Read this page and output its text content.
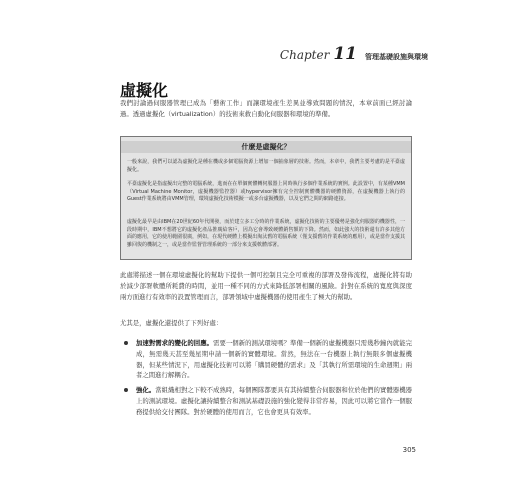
Chapter 11 管理基礎設施與環境
虛擬化

我們討論過伺服器管理已成為「藝術工作」而讓環境產生差異並導致問題的情況，本章前面已經討論過。透過虛擬化（virtualization）的技術來救自動化伺服器和環境的準備。

什麼是虛擬化？

一般來說，我們可以認為虛擬化是種在機或多個電腦資源上增加一個抽象層的技術。然而，本章中，我們主要考慮的是平臺虛擬化。

平臺虛擬化是指虛擬出完整的電腦系統，進而在在單個實體轉伺服器上同時執行多個作業系統的實例。此設置中，有某種VMM（Virtual Machine Monitor，虛擬機器監控器）或hypervisor擁有完全控制實體機器的硬體資源，在虛擬機器上執行的Guest作業系統將由VMM管理，環境虛擬化技術模擬一或多台虛擬機器，以及它們之間的網路連接。

虛擬化最早是由IBM在20世紀60年代開發，而於建立多工分時的作業系統，虛擬化技術的主要優勢是強化伺服器的機器性，一段時期中，IBM不想將它的虛擬化產品推廣給客戶，因為它會導致硬體銷售額的下降。然而，如此強大的技術還有許多其他方面的應用，它的使用範圍很廣，例如，在現代硬體上模擬出淘汰舊的電腦系統（僅支援舊的作業系統的應用），或是當作支援其雖回復的機制之一，或是當作監督管理系統的一部分來支援軟體部署。

此處將描述一個在環境虛擬化的幫助下提供一個可控制且完全可重複的部署及發佈流程，虛擬化將有助於減少部署軟體所耗費的時間，並用一種不同的方式來降低部署相關的風險。針對在系統的寬度與深度兩方面進行有效率的設置管理而言，部署領域中虛擬機器的使用產生了極大的幫助。

尤其是，虛擬化還提供了下列好處：

加速對需求的變化的回應。需要一個新的測試環境嗎？準備一個新的虛擬機器只需幾秒鐘內就能完成，無需幾天甚至幾星期申請一個新的實體環境。當然，無法在一台機器上執行無限多個虛擬機器，但某些情況下，用虛擬化技術可以將「購買硬體的需求」及「其執行所需環境的生命週期」兩者之間進行解耦合。
強化。當組織相對之下較不成熟時，每個團隊都要具有其持續整合伺服器和位於他們的實體器機器上的測試環境。虛擬化讓持續整合和測試基礎設施的強化變得非常容易，因此可以將它當作一個服務提供給交付團隊。對於硬體的使用而言，它也會更具有效率。
305
